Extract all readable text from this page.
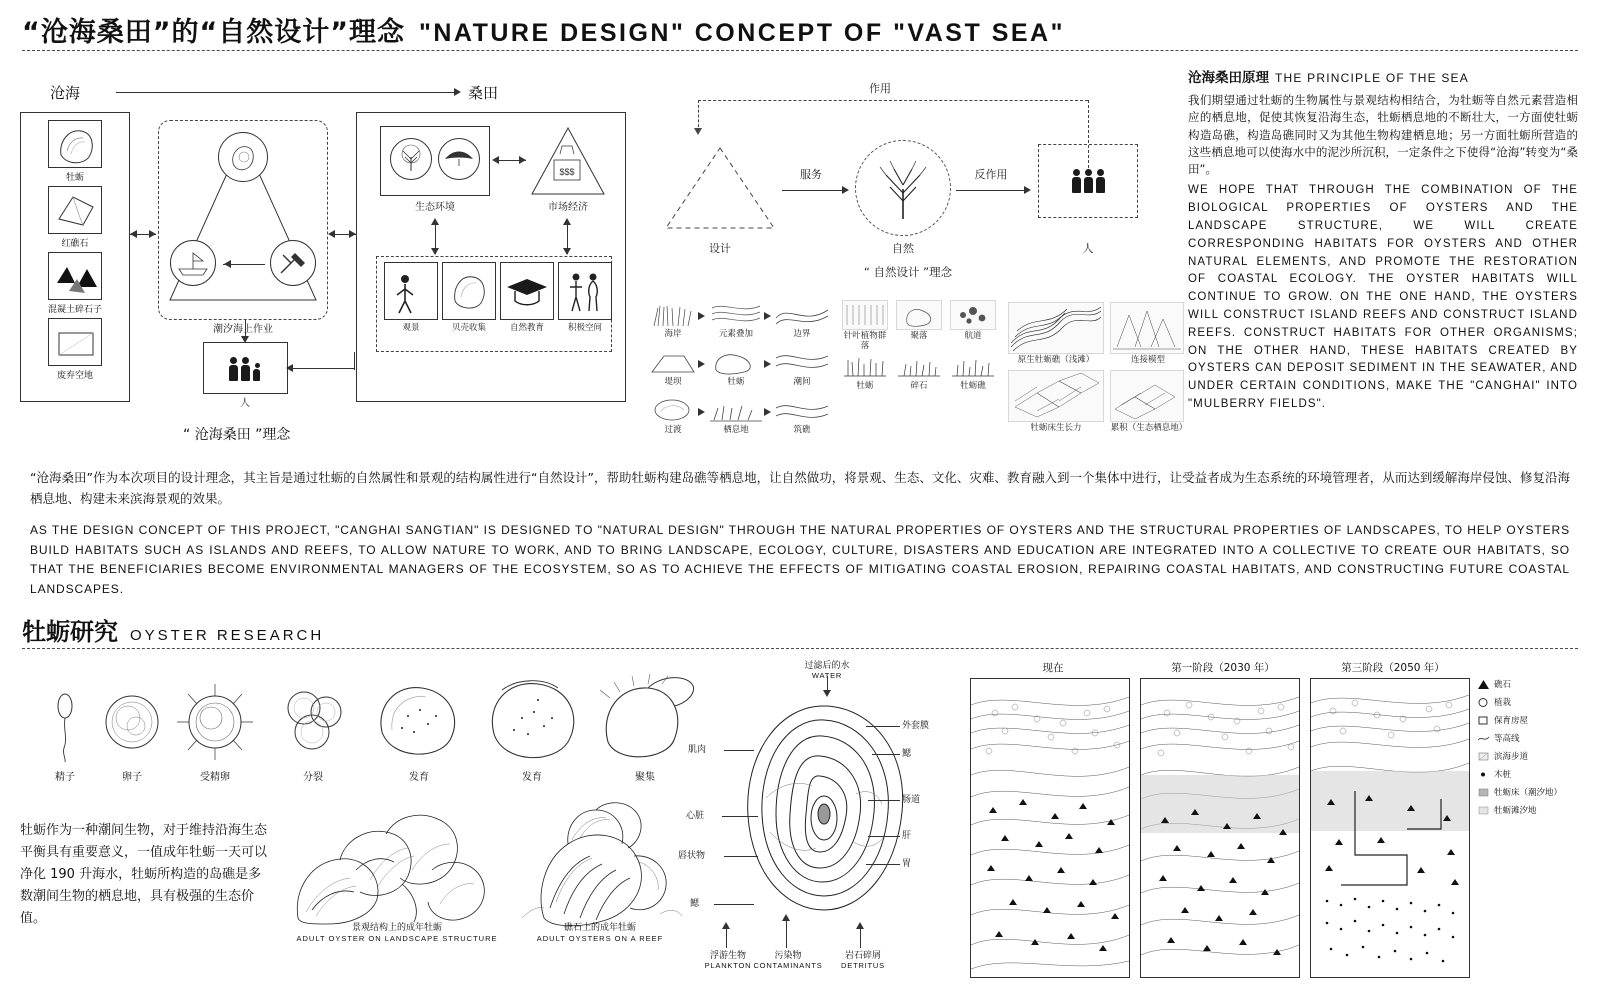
“沧海桑田”的“自然设计”理念 "NATURE DESIGN" CONCEPT OF "VAST SEA"
沧海	桑田
牡蛎
红礁石
混凝土碎石子
废弃空地
潮汐海上作业
人
生态环境
$$$
市场经济
观景	贝壳收集	自然教育	积极空间
“ 沧海桑田 ”理念
作用
设计
服务
自然
反作用
人
“ 自然设计 ”理念
海岸	元素叠加	边界
堤坝	牡蛎	潮间
过渡	栖息地	筑礁
针叶植物群落
聚落	航道
牡蛎	碎石	牡蛎礁
原生牡蛎礁（浅滩）	连接模型
牡蛎床生长力	累积（生态栖息地）
沧海桑田原理 THE PRINCIPLE OF THE SEA
我们期望通过牡蛎的生物属性与景观结构相结合，为牡蛎等自然元素营造相应的栖息地，促使其恢复沿海生态，牡蛎栖息地的不断壮大，一方面使牡蛎构造岛礁，构造岛礁同时又为其他生物构建栖息地；另一方面牡蛎所营造的这些栖息地可以使海水中的泥沙所沉积，一定条件之下使得“沧海”转变为“桑田”。
WE HOPE THAT THROUGH THE COMBINATION OF THE BIOLOGICAL PROPERTIES OF OYSTERS AND THE LANDSCAPE STRUCTURE, WE WILL CREATE CORRESPONDING HABITATS FOR OYSTERS AND OTHER NATURAL ELEMENTS, AND PROMOTE THE RESTORATION OF COASTAL ECOLOGY. THE OYSTER HABITATS WILL CONTINUE TO GROW. ON THE ONE HAND, THE OYSTERS WILL CONSTRUCT ISLAND REEFS AND CONSTRUCT ISLAND REEFS. CONSTRUCT HABITATS FOR OTHER ORGANISMS; ON THE OTHER HAND, THESE HABITATS CREATED BY OYSTERS CAN DEPOSIT SEDIMENT IN THE SEAWATER, AND UNDER CERTAIN CONDITIONS, MAKE THE "CANGHAI" INTO "MULBERRY FIELDS".
“沧海桑田”作为本次项目的设计理念，其主旨是通过牡蛎的自然属性和景观的结构属性进行“自然设计”，帮助牡蛎构建岛礁等栖息地，让自然做功，将景观、生态、文化、灾难、教育融入到一个集体中进行，让受益者成为生态系统的环境管理者，从而达到缓解海岸侵蚀、修复沿海栖息地、构建未来滨海景观的效果。
AS THE DESIGN CONCEPT OF THIS PROJECT, "CANGHAI SANGTIAN" IS DESIGNED TO "NATURAL DESIGN" THROUGH THE NATURAL PROPERTIES OF OYSTERS AND THE STRUCTURAL PROPERTIES OF LANDSCAPES, TO HELP OYSTERS BUILD HABITATS SUCH AS ISLANDS AND REEFS, TO ALLOW NATURE TO WORK, AND TO BRING LANDSCAPE, ECOLOGY, CULTURE, DISASTERS AND EDUCATION ARE INTEGRATED INTO A COLLECTIVE TO CREATE OUR HABITATS, SO THAT THE BENEFICIARIES BECOME ENVIRONMENTAL MANAGERS OF THE ECOSYSTEM, SO AS TO ACHIEVE THE EFFECTS OF MITIGATING COASTAL EROSION, REPAIRING COASTAL HABITATS, AND CONSTRUCTING FUTURE COASTAL LANDSCAPES.
牡蛎研究 OYSTER RESEARCH
精子	卵子	受精卵	分裂	发育	发育	聚集
牡蛎作为一种潮间生物，对于维持沿海生态平衡具有重要意义，一值成年牡蛎一天可以净化 190 升海水，牡蛎所构造的岛礁是多数潮间生物的栖息地，具有极强的生态价值。
景观结构上的成年牡蛎
ADULT OYSTER ON LANDSCAPE STRUCTURE
礁石上的成年牡蛎
ADULT OYSTERS ON A REEF
过滤后的水
WATER
肌肉
心脏
唇状物
鳃
外套膜
鳃
肠道
肝
胃
浮游生物
PLANKTON
污染物
CONTAMINANTS
岩石碎屑
DETRITUS
现在	第一阶段（2030 年）	第三阶段（2050 年）
礁石
植栽
保育房屋
等高线
滨海步道
木桩
牡蛎床（潮汐地）
牡蛎滩汐地
